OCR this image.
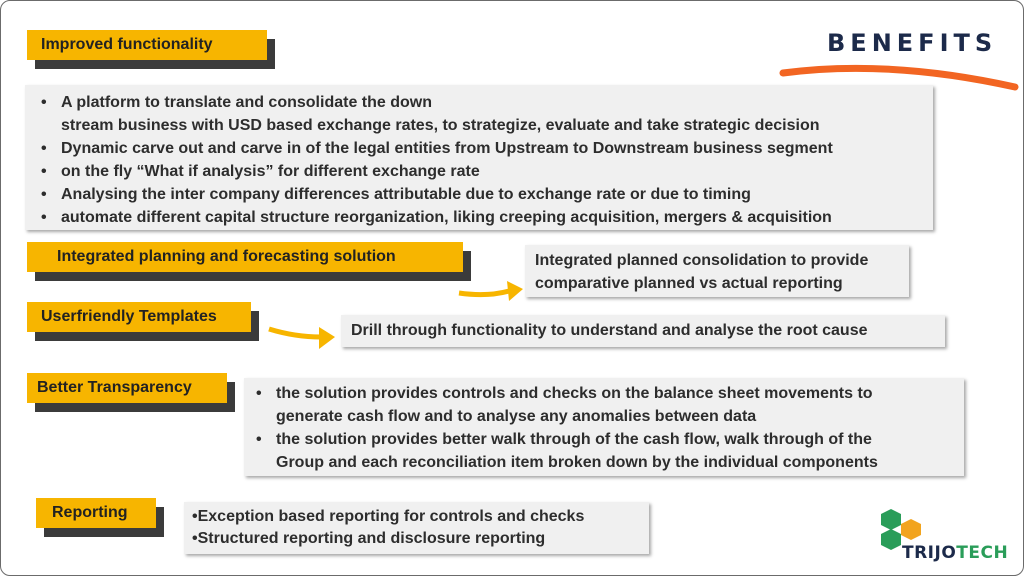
BENEFITS
Improved functionality
• A platform to translate and consolidate the down
stream business with USD based exchange rates, to strategize, evaluate and take strategic decision
• Dynamic carve out and carve in of the legal entities from Upstream to Downstream business segment
• on the fly “What if analysis” for different exchange rate
• Analysing the inter company differences attributable due to exchange rate or due to timing
• automate different capital structure reorganization, liking creeping acquisition, mergers & acquisition
Integrated planning and forecasting solution	Integrated planned consolidation to provide
comparative planned vs actual reporting
Userfriendly Templates
Drill through functionality to understand and analyse the root cause
Better Transparency
•	the solution provides controls and checks on the balance sheet movements to
generate cash flow and to analyse any anomalies between data
• the solution provides better walk through of the cash flow, walk through of the
Group and each reconciliation item broken down by the individual components
Reporting	•Exception based reporting for controls and checks
•Structured reporting and disclosure reporting
TRIJOTECH
